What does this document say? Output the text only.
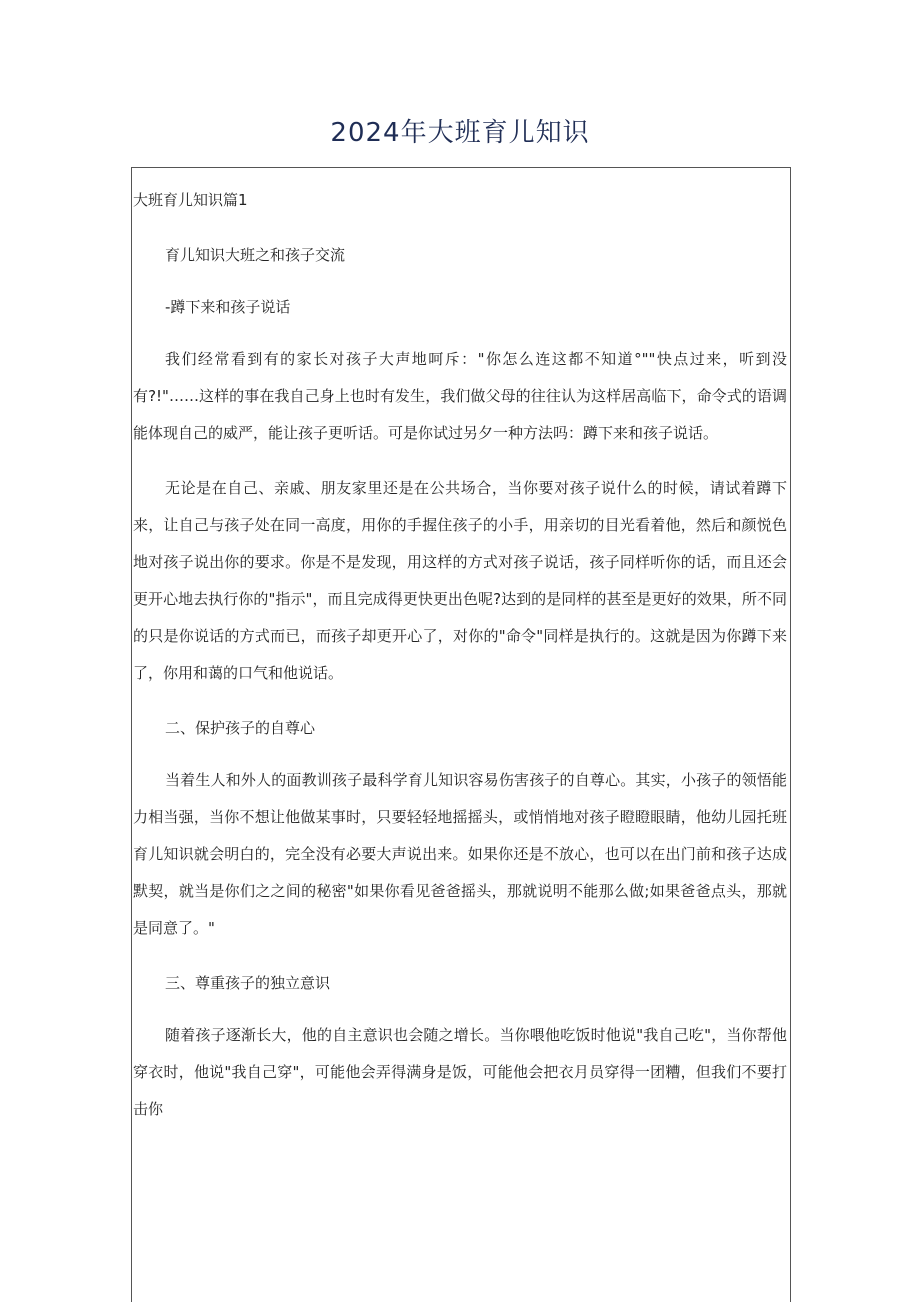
2024年大班育儿知识

大班育儿知识篇1

育儿知识大班之和孩子交流

-蹲下来和孩子说话

我们经常看到有的家长对孩子大声地呵斥："你怎么连这都不知道°""快点过来，听到没有?!"……这样的事在我自己身上也时有发生，我们做父母的往往认为这样居高临下，命令式的语调能体现自己的威严，能让孩子更听话。可是你试过另夕一种方法吗：蹲下来和孩子说话。

无论是在自己、亲戚、朋友家里还是在公共场合，当你要对孩子说什么的时候，请试着蹲下来，让自己与孩子处在同一高度，用你的手握住孩子的小手，用亲切的目光看着他，然后和颜悦色地对孩子说出你的要求。你是不是发现，用这样的方式对孩子说话，孩子同样听你的话，而且还会更开心地去执行你的"指示"，而且完成得更快更出色呢?达到的是同样的甚至是更好的效果，所不同的只是你说话的方式而已，而孩子却更开心了，对你的"命令"同样是执行的。这就是因为你蹲下来了，你用和蔼的口气和他说话。

二、保护孩子的自尊心

当着生人和外人的面教训孩子最科学育儿知识容易伤害孩子的自尊心。其实，小孩子的领悟能力相当强，当你不想让他做某事时，只要轻轻地摇摇头，或悄悄地对孩子瞪瞪眼睛，他幼儿园托班育儿知识就会明白的，完全没有必要大声说出来。如果你还是不放心，也可以在出门前和孩子达成默契，就当是你们之之间的秘密"如果你看见爸爸摇头，那就说明不能那么做;如果爸爸点头，那就是同意了。"

三、尊重孩子的独立意识

随着孩子逐渐长大，他的自主意识也会随之增长。当你喂他吃饭时他说"我自己吃"，当你帮他穿衣时，他说"我自己穿"，可能他会弄得满身是饭，可能他会把衣月员穿得一团糟，但我们不要打击你
